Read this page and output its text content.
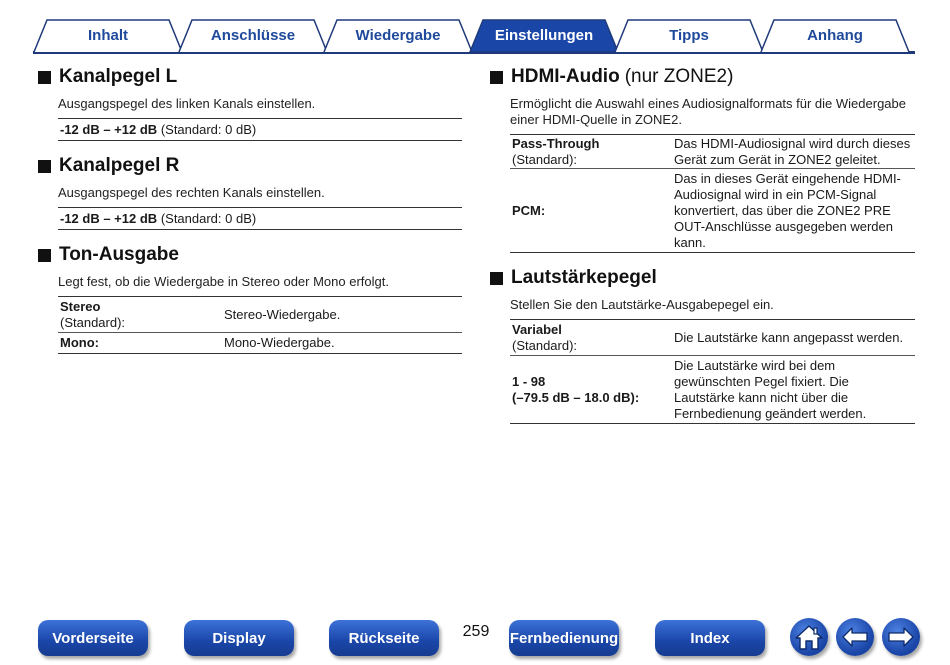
Inhalt	Anschlüsse	Wiedergabe	Einstellungen	Tipps	Anhang
Kanalpegel L

Ausgangspegel des linken Kanals einstellen.

-12 dB – +12 dB (Standard: 0 dB)
Kanalpegel R

Ausgangspegel des rechten Kanals einstellen.

-12 dB – +12 dB (Standard: 0 dB)
Ton-Ausgabe

Legt fest, ob die Wiedergabe in Stereo oder Mono erfolgt.

Stereo
(Standard):	Stereo-Wiedergabe.
Mono:	Mono-Wiedergabe.
HDMI-Audio (nur ZONE2)

Ermöglicht die Auswahl eines Audiosignalformats für die Wiedergabe einer HDMI-Quelle in ZONE2.

Pass-Through
(Standard):	Das HDMI-Audiosignal wird durch dieses Gerät zum Gerät in ZONE2 geleitet.
PCM:	Das in dieses Gerät eingehende HDMI-Audiosignal wird in ein PCM-Signal konvertiert, das über die ZONE2 PRE OUT-Anschlüsse ausgegeben werden kann.
Lautstärkepegel

Stellen Sie den Lautstärke-Ausgabepegel ein.

Variabel
(Standard):	Die Lautstärke kann angepasst werden.
1 - 98
(–79.5 dB – 18.0 dB):	Die Lautstärke wird bei dem gewünschten Pegel fixiert. Die Lautstärke kann nicht über die Fernbedienung geändert werden.
Vorderseite	Display	Rückseite	259	Fernbedienung	Index
